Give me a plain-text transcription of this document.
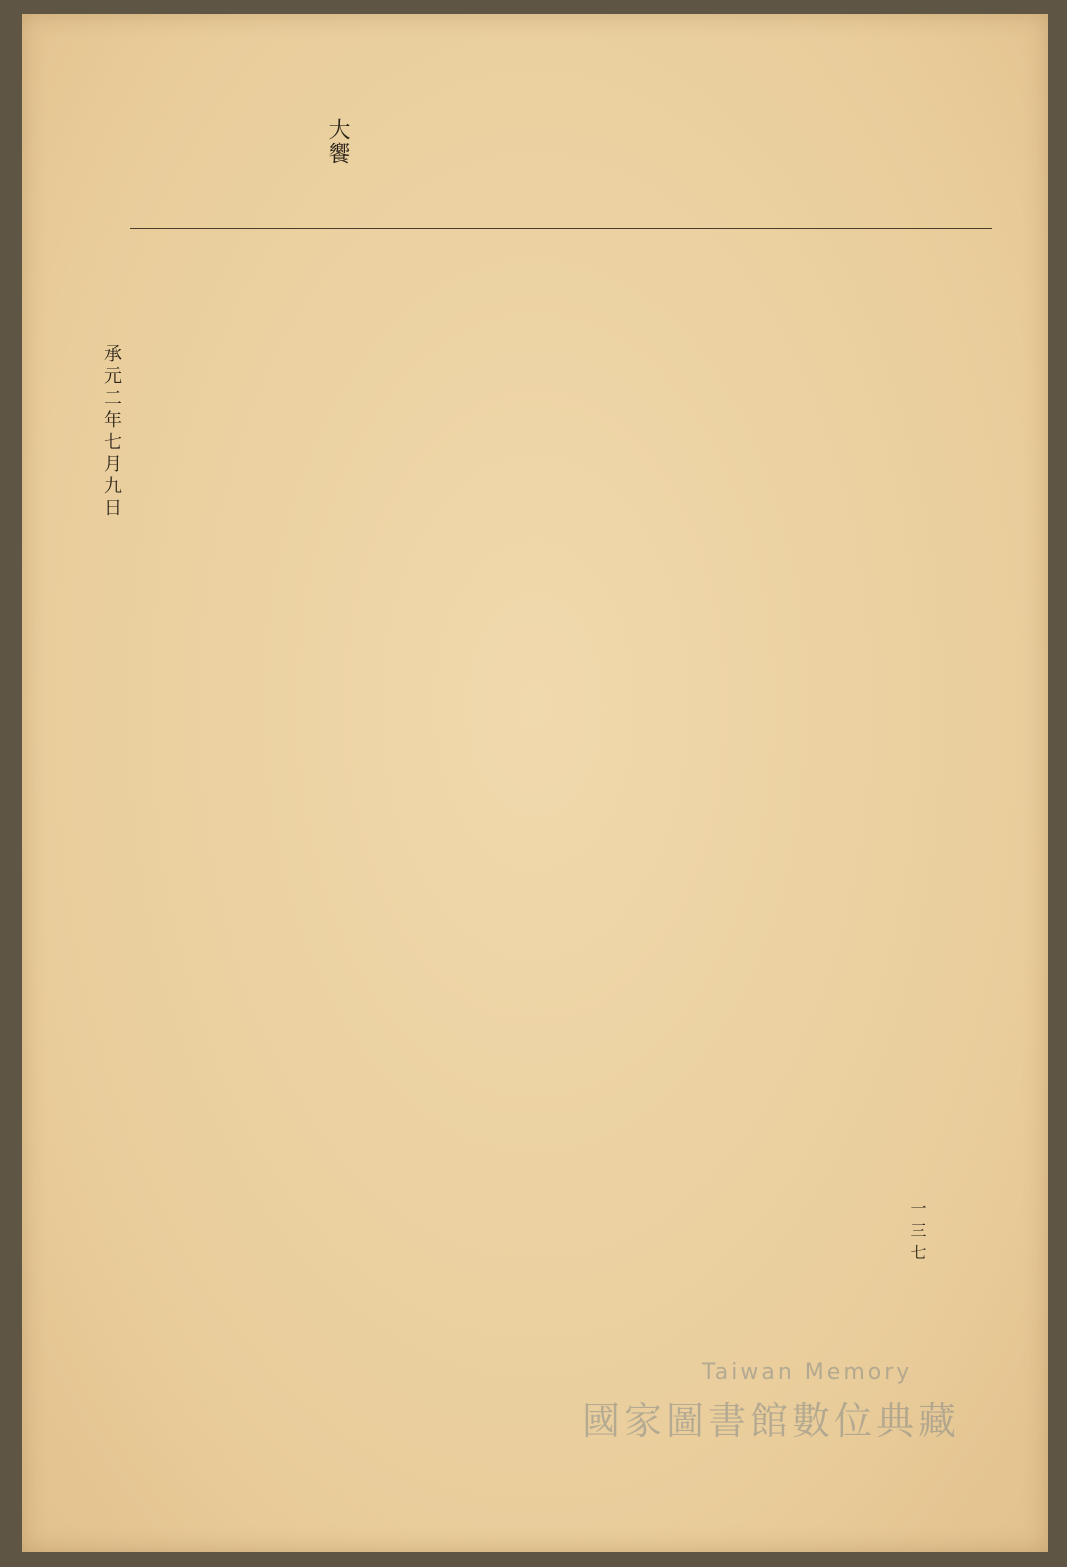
大饗
一三七
承元二年七月九日
Taiwan Memory
國家圖書館數位典藏
